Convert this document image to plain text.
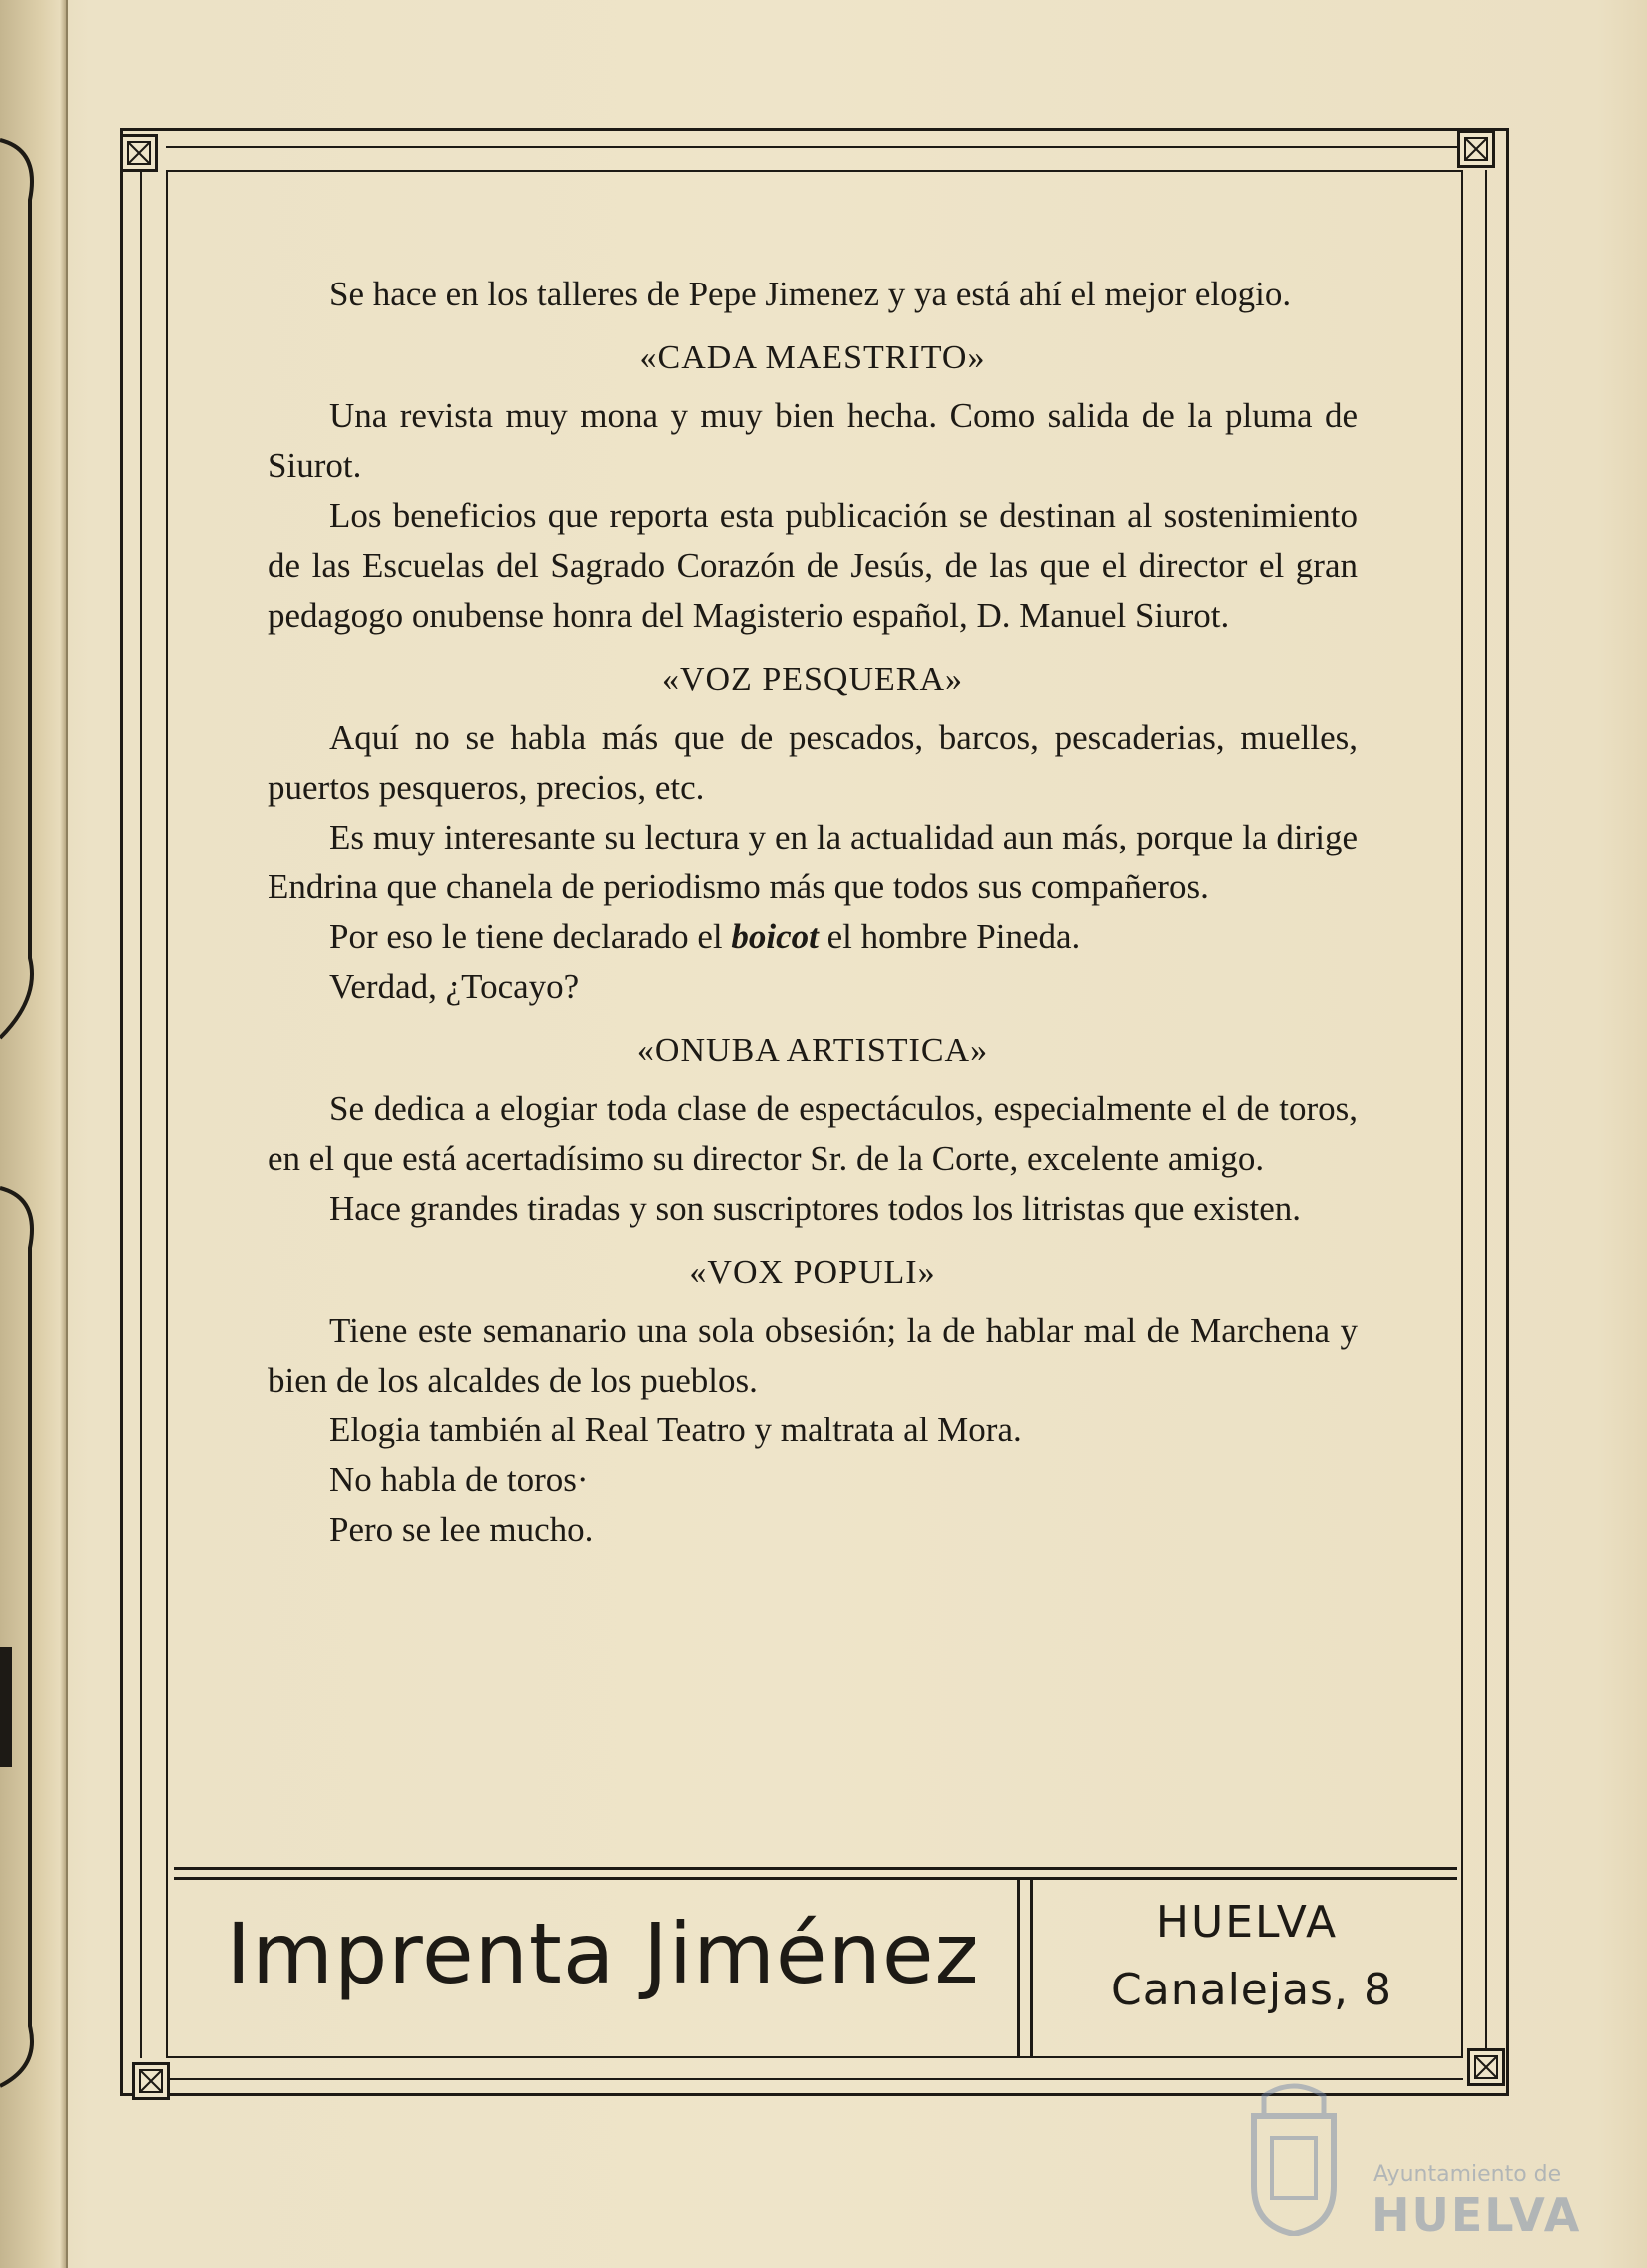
Se hace en los talleres de Pepe Jimenez y ya está ahí el mejor elogio.

«CADA MAESTRITO»

Una revista muy mona y muy bien hecha. Como salida de la pluma de Siurot.

Los beneficios que reporta esta publicación se destinan al sostenimiento de las Escuelas del Sagrado Corazón de Jesús, de las que el director el gran pedagogo onubense honra del Magisterio español, D. Manuel Siurot.

«VOZ PESQUERA»

Aquí no se habla más que de pescados, barcos, pescaderias, muelles, puertos pesqueros, precios, etc.

Es muy interesante su lectura y en la actualidad aun más, porque la dirige Endrina que chanela de periodismo más que todos sus compañeros.

Por eso le tiene declarado el boicot el hombre Pineda.

Verdad, ¿Tocayo?

«ONUBA ARTISTICA»

Se dedica a elogiar toda clase de espectáculos, especialmente el de toros, en el que está acertadísimo su director Sr. de la Corte, excelente amigo.

Hace grandes tiradas y son suscriptores todos los litristas que existen.

«VOX POPULI»

Tiene este semanario una sola obsesión; la de hablar mal de Marchena y bien de los alcaldes de los pueblos.

Elogia también al Real Teatro y maltrata al Mora.

No habla de toros·

Pero se lee mucho.

Imprenta Jiménez	HUELVA
Canalejas, 8
Ayuntamiento de
HUELVA
